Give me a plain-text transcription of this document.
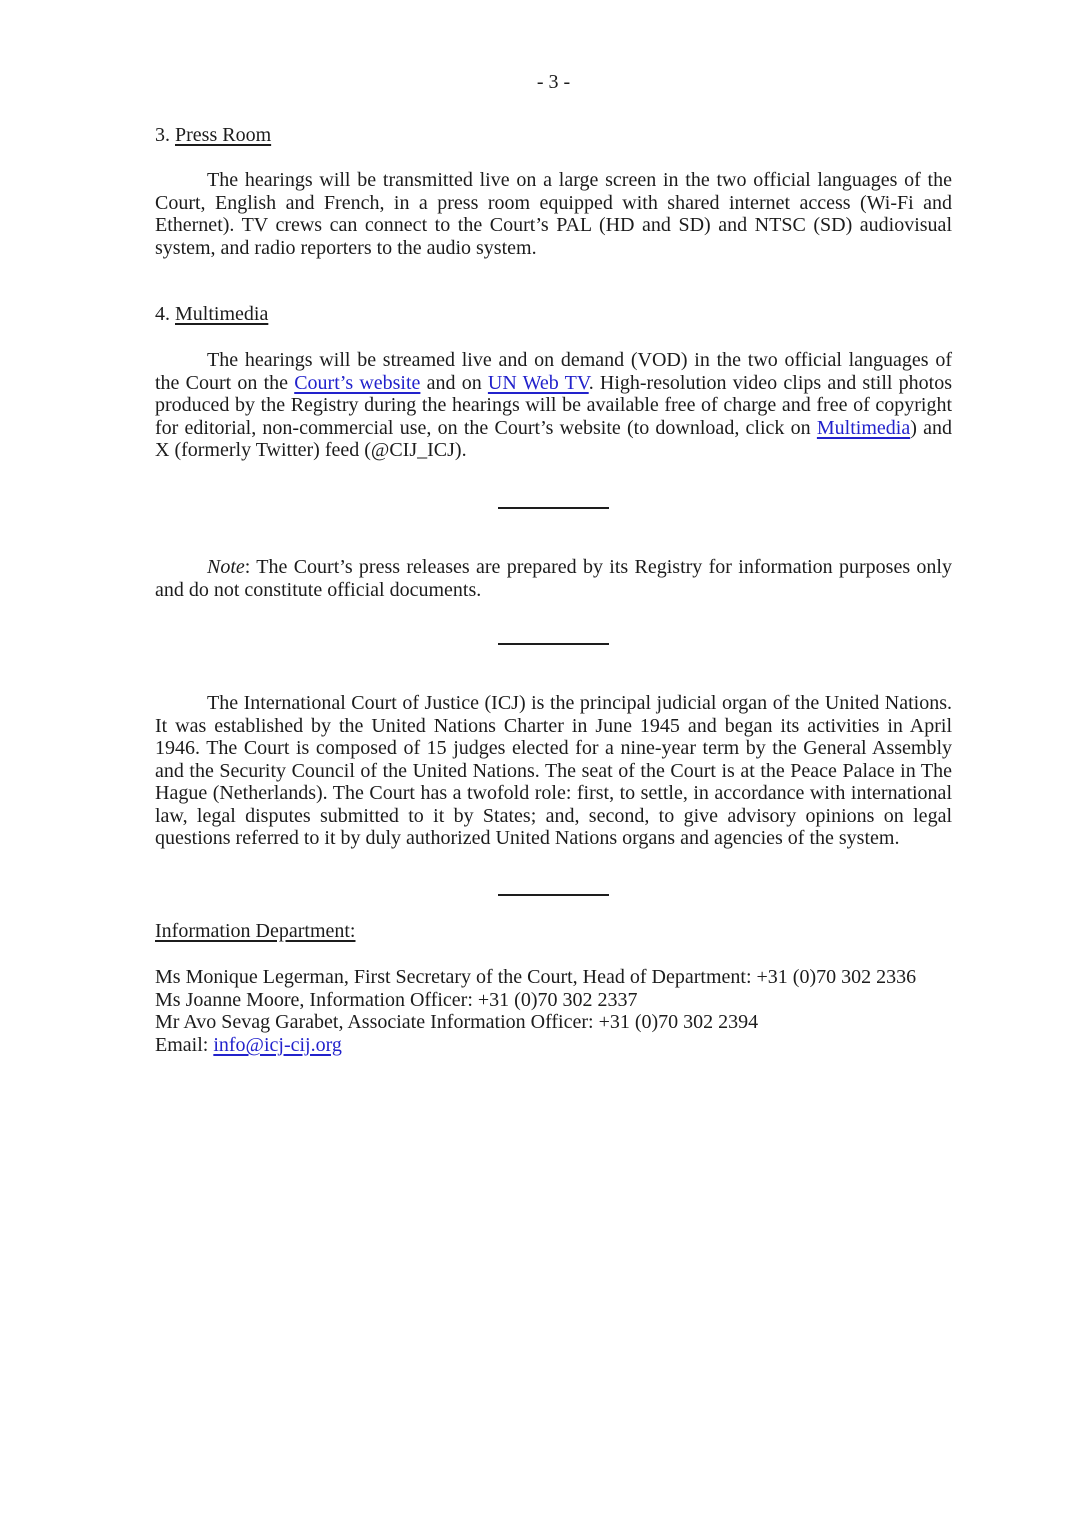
- 3 -
3. Press Room

The hearings will be transmitted live on a large screen in the two official languages of the Court, English and French, in a press room equipped with shared internet access (Wi-Fi and Ethernet). TV crews can connect to the Court’s PAL (HD and SD) and NTSC (SD) audiovisual system, and radio reporters to the audio system.

4. Multimedia

The hearings will be streamed live and on demand (VOD) in the two official languages of the Court on the Court’s website and on UN Web TV. High-resolution video clips and still photos produced by the Registry during the hearings will be available free of charge and free of copyright for editorial, non-commercial use, on the Court’s website (to download, click on Multimedia) and X (formerly Twitter) feed (@CIJ_ICJ).

Note: The Court’s press releases are prepared by its Registry for information purposes only and do not constitute official documents.

The International Court of Justice (ICJ) is the principal judicial organ of the United Nations. It was established by the United Nations Charter in June 1945 and began its activities in April 1946. The Court is composed of 15 judges elected for a nine-year term by the General Assembly and the Security Council of the United Nations. The seat of the Court is at the Peace Palace in The Hague (Netherlands). The Court has a twofold role: first, to settle, in accordance with international law, legal disputes submitted to it by States; and, second, to give advisory opinions on legal questions referred to it by duly authorized United Nations organs and agencies of the system.

Information Department:

Ms Monique Legerman, First Secretary of the Court, Head of Department: +31 (0)70 302 2336

Ms Joanne Moore, Information Officer: +31 (0)70 302 2337

Mr Avo Sevag Garabet, Associate Information Officer: +31 (0)70 302 2394

Email: info@icj-cij.org
